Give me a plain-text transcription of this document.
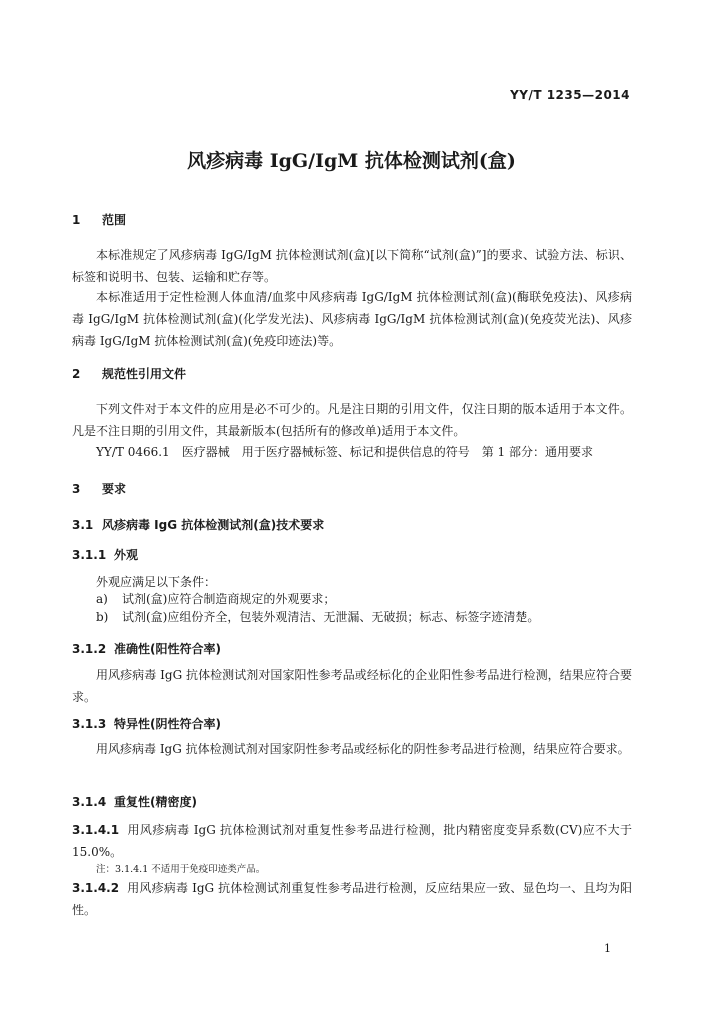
YY/T 1235—2014
风疹病毒 IgG/IgM 抗体检测试剂(盒)
1 范围
本标准规定了风疹病毒 IgG/IgM 抗体检测试剂(盒)[以下简称“试剂(盒)”]的要求、试验方法、标识、标签和说明书、包装、运输和贮存等。
本标准适用于定性检测人体血清/血浆中风疹病毒 IgG/IgM 抗体检测试剂(盒)(酶联免疫法)、风疹病毒 IgG/IgM 抗体检测试剂(盒)(化学发光法)、风疹病毒 IgG/IgM 抗体检测试剂(盒)(免疫荧光法)、风疹病毒 IgG/IgM 抗体检测试剂(盒)(免疫印迹法)等。
2 规范性引用文件
下列文件对于本文件的应用是必不可少的。凡是注日期的引用文件，仅注日期的版本适用于本文件。凡是不注日期的引用文件，其最新版本(包括所有的修改单)适用于本文件。
YY/T 0466.1　医疗器械　用于医疗器械标签、标记和提供信息的符号　第 1 部分：通用要求
3 要求
3.1 风疹病毒 IgG 抗体检测试剂(盒)技术要求
3.1.1 外观
外观应满足以下条件：
a) 试剂(盒)应符合制造商规定的外观要求；
b) 试剂(盒)应组份齐全，包装外观清洁、无泄漏、无破损；标志、标签字迹清楚。
3.1.2 准确性(阳性符合率)
用风疹病毒 IgG 抗体检测试剂对国家阳性参考品或经标化的企业阳性参考品进行检测，结果应符合要求。
3.1.3 特异性(阴性符合率)
用风疹病毒 IgG 抗体检测试剂对国家阴性参考品或经标化的阴性参考品进行检测，结果应符合要求。
3.1.4 重复性(精密度)
3.1.4.1 用风疹病毒 IgG 抗体检测试剂对重复性参考品进行检测，批内精密度变异系数(CV)应不大于 15.0%。
注：3.1.4.1 不适用于免疫印迹类产品。
3.1.4.2 用风疹病毒 IgG 抗体检测试剂重复性参考品进行检测，反应结果应一致、显色均一、且均为阳性。
1
